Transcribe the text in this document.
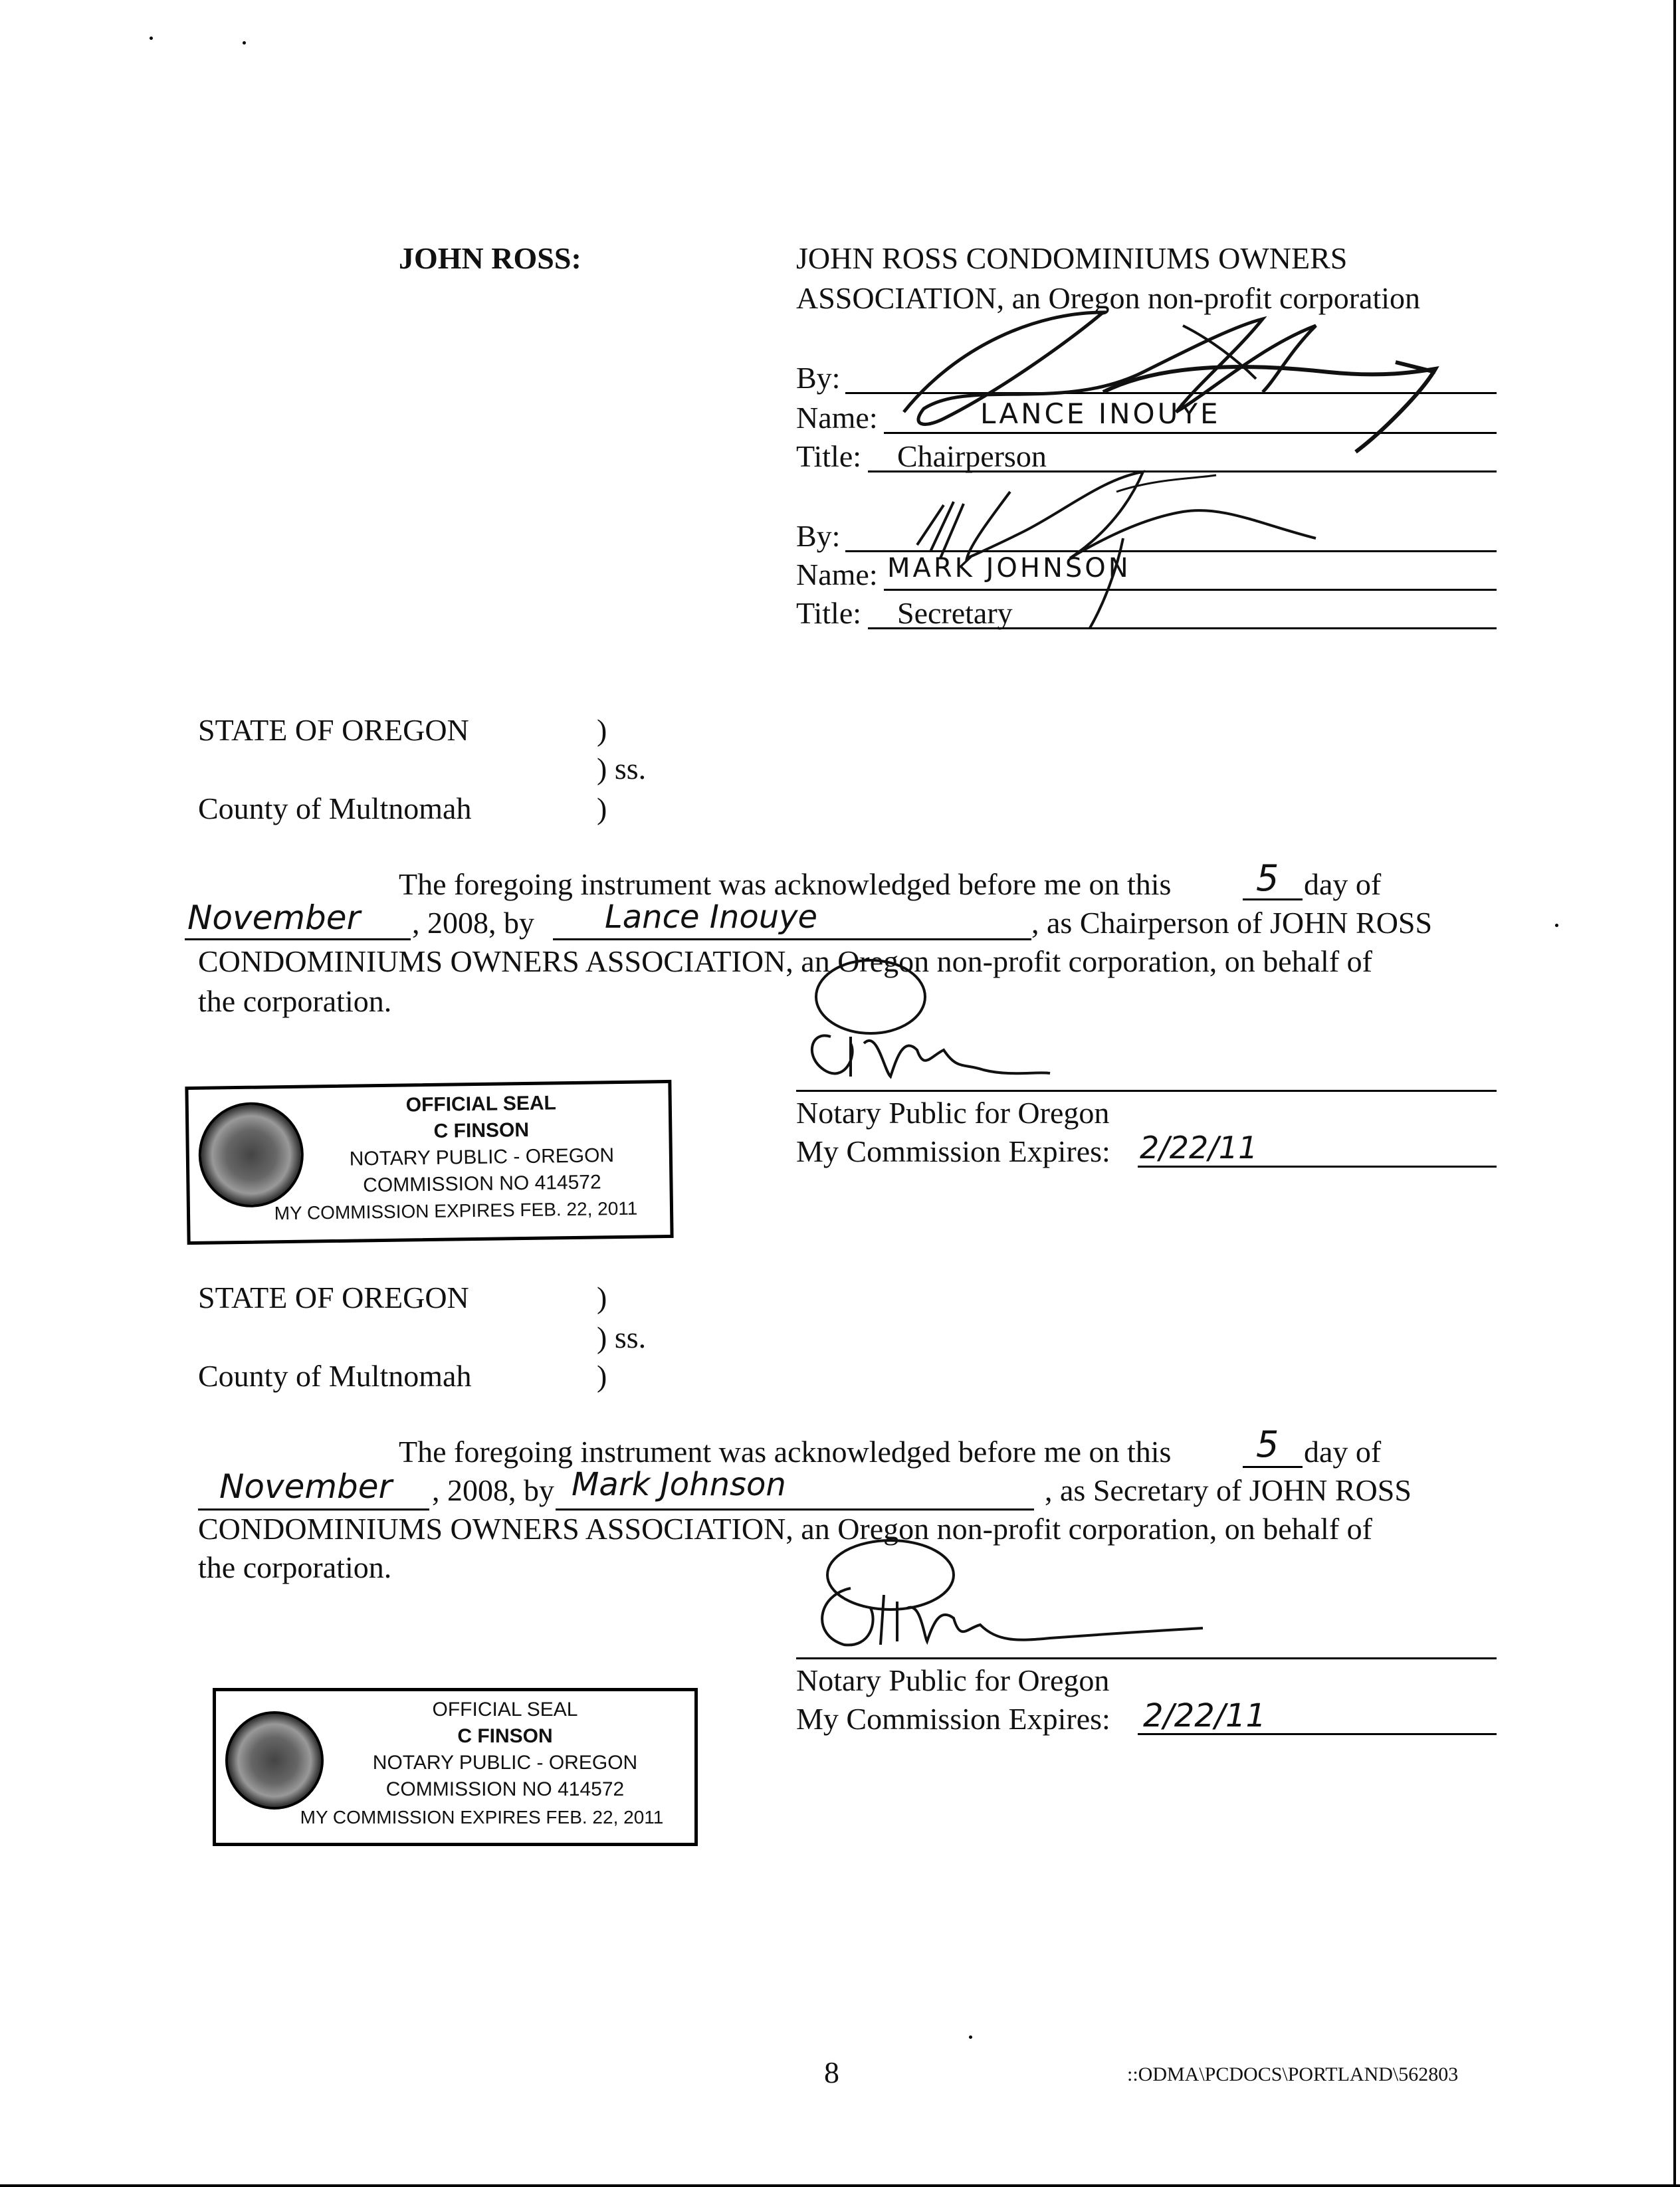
JOHN ROSS:	JOHN ROSS CONDOMINIUMS OWNERS
ASSOCIATION, an Oregon non-profit corporation
By:
Name:	LANCE INOUYE
Title: Chairperson
By:
Name: MARK JOHNSON
Title: Secretary
STATE OF OREGON	)
) ss.
County of Multnomah	)
The foregoing instrument was acknowledged before me on this 5 day of
November , 2008, by Lance Inouye	, as Chairperson of JOHN ROSS
CONDOMINIUMS OWNERS ASSOCIATION, an Oregon non-profit corporation, on behalf of
the corporation.
Notary Public for Oregon
My Commission Expires: 2/22/11
OFFICIAL SEAL
C FINSON
NOTARY PUBLIC - OREGON
COMMISSION NO 414572
MY COMMISSION EXPIRES FEB. 22, 2011
STATE OF OREGON	)
) ss.
County of Multnomah	)
The foregoing instrument was acknowledged before me on this 5 day of
November , 2008, by Mark Johnson	, as Secretary of JOHN ROSS
CONDOMINIUMS OWNERS ASSOCIATION, an Oregon non-profit corporation, on behalf of
the corporation.
Notary Public for Oregon
My Commission Expires: 2/22/11
OFFICIAL SEAL
C FINSON
NOTARY PUBLIC - OREGON
COMMISSION NO 414572
MY COMMISSION EXPIRES FEB. 22, 2011
8	::ODMA\PCDOCS\PORTLAND\562803
